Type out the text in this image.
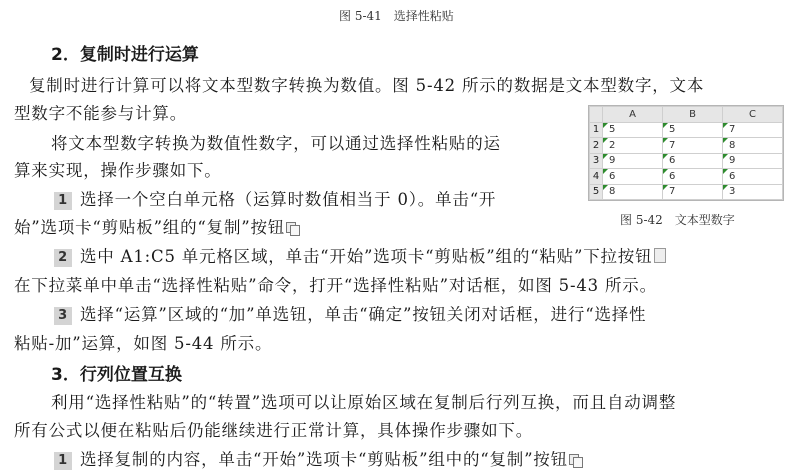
图 5-41　选择性粘贴
2．复制时进行运算
复制时进行计算可以将文本型数字转换为数值。图 5-42 所示的数据是文本型数字，文本
型数字不能参与计算。
将文本型数字转换为数值性数字，可以通过选择性粘贴的运
算来实现，操作步骤如下。
1 选择一个空白单元格（运算时数值相当于 0）。单击“开
始”选项卡“剪贴板”组的“复制”按钮
2 选中 A1:C5 单元格区域，单击“开始”选项卡“剪贴板”组的“粘贴”下拉按钮
在下拉菜单中单击“选择性粘贴”命令，打开“选择性粘贴”对话框，如图 5-43 所示。
3 选择“运算”区域的“加”单选钮，单击“确定”按钮关闭对话框，进行“选择性
粘贴-加”运算，如图 5-44 所示。
	A	B	C
1	5	5	7
2	2	7	8
3	9	6	9
4	6	6	6
5	8	7	3
图 5-42　文本型数字
3．行列位置互换
利用“选择性粘贴”的“转置”选项可以让原始区域在复制后行列互换，而且自动调整
所有公式以便在粘贴后仍能继续进行正常计算，具体操作步骤如下。
1 选择复制的内容，单击“开始”选项卡“剪贴板”组中的“复制”按钮
